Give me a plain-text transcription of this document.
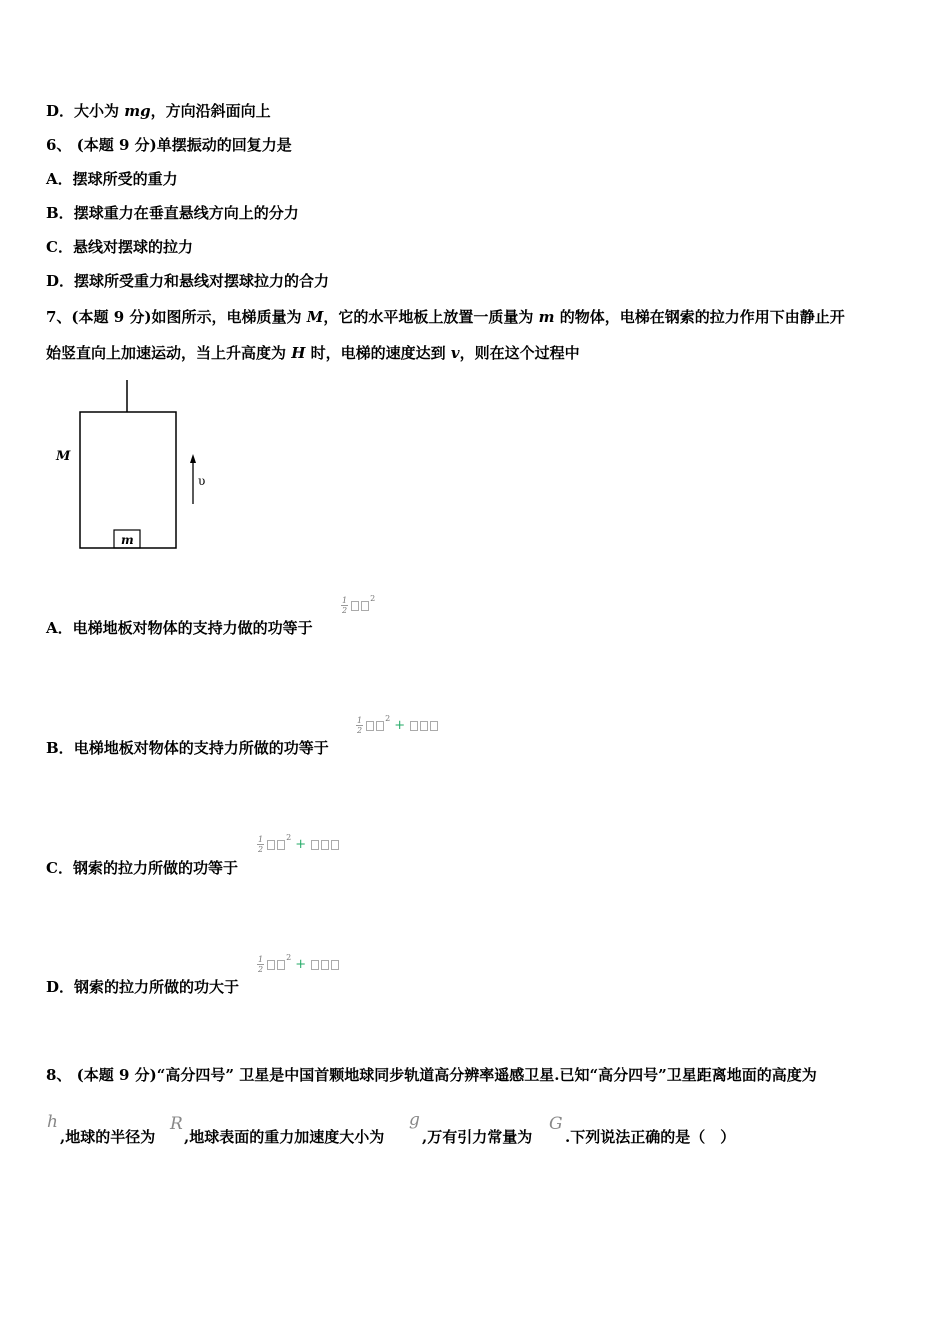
D．大小为 mg，方向沿斜面向上
6、 (本题 9 分)单摆振动的回复力是
A．摆球所受的重力
B．摆球重力在垂直悬线方向上的分力
C．悬线对摆球的拉力
D．摆球所受重力和悬线对摆球拉力的合力
7、(本题 9 分)如图所示，电梯质量为 M，它的水平地板上放置一质量为 m 的物体，电梯在钢索的拉力作用下由静止开
始竖直向上加速运动，当上升高度为 H 时，电梯的速度达到 v，则在这个过程中
m
M
υ
A．电梯地板对物体的支持力做的功等于
$\frac{1}{2}$	$^2$
B．电梯地板对物体的支持力所做的功等于
$\frac{1}{2}$	$^2$ +
C．钢索的拉力所做的功等于
$\frac{1}{2}$	$^2$ +
D．钢索的拉力所做的功大于
$\frac{1}{2}$	$^2$ +
8、 (本题 9 分)“高分四号” 卫星是中国首颗地球同步轨道高分辨率遥感卫星.已知“高分四号”卫星距离地面的高度为
h
,地球的半径为
R
,地球表面的重力加速度大小为
g
,万有引力常量为
G
.下列说法正确的是（　）
